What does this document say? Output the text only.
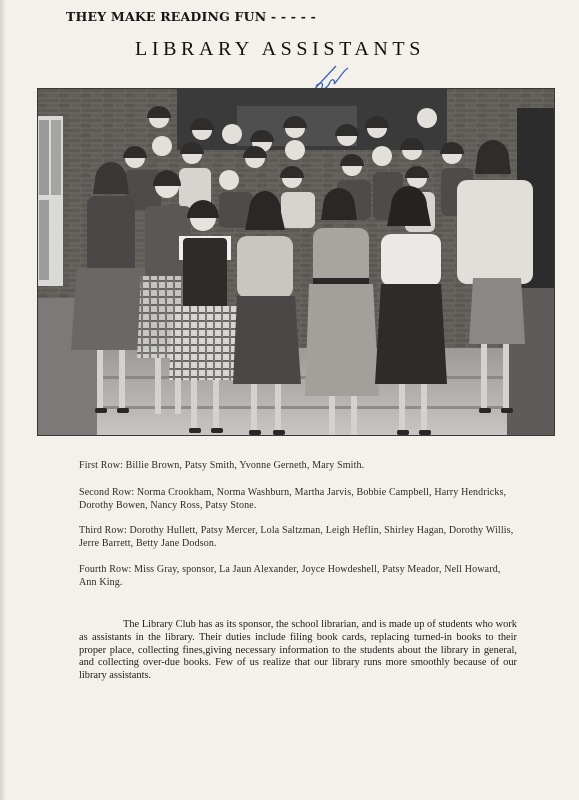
THEY MAKE READING FUN - - - - -
LIBRARY ASSISTANTS
First Row: Billie Brown, Patsy Smith, Yvonne Gerneth, Mary Smith.
Second Row: Norma Crookham, Norma Washburn, Martha Jarvis, Bobbie Campbell, Harry Hendricks, Dorothy Bowen, Nancy Ross, Patsy Stone.
Third Row: Dorothy Hullett, Patsy Mercer, Lola Saltzman, Leigh Heflin, Shirley Hagan, Dorothy Willis, Jerre Barrett, Betty Jane Dodson.
Fourth Row: Miss Gray, sponsor, La Jaun Alexander, Joyce Howdeshell, Patsy Meador, Nell Howard, Ann King.
The Library Club has as its sponsor, the school librarian, and is made up of students who work as assistants in the library. Their duties include filing book cards, replacing turned-in books to their proper place, collecting fines,giving necessary information to the students about the library in general, and collecting over-due books. Few of us realize that our library runs more smoothly because of our library assistants.
